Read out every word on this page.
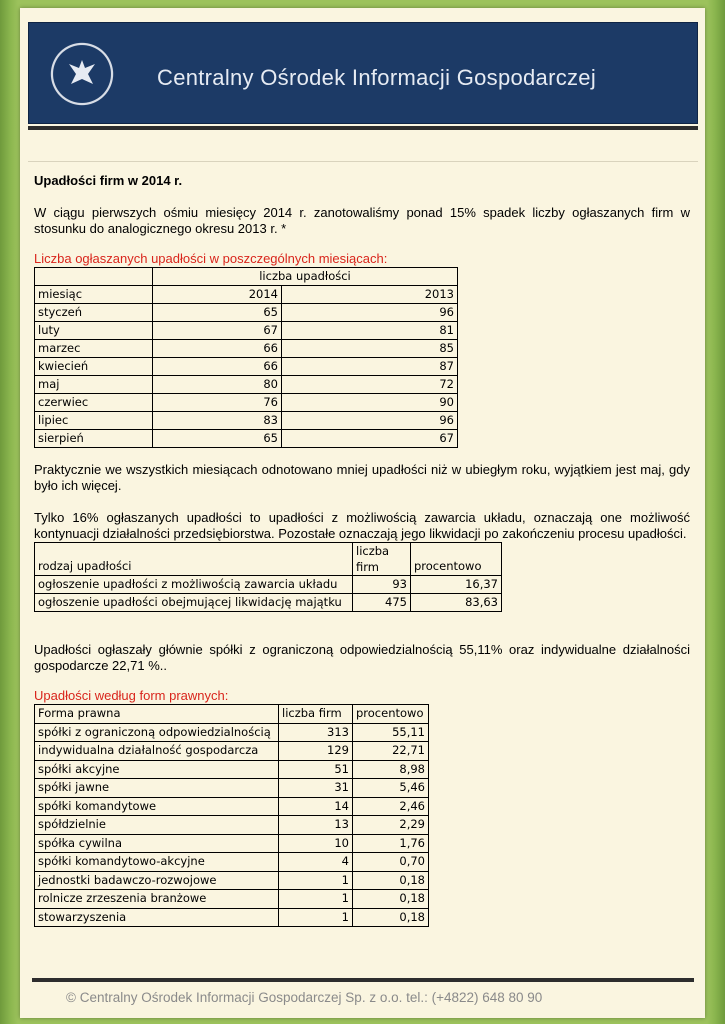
Centralny Ośrodek Informacji Gospodarczej
Upadłości firm w 2014 r.

W ciągu pierwszych ośmiu miesięcy 2014 r. zanotowaliśmy ponad 15% spadek liczby ogłaszanych firm w stosunku do analogicznego okresu 2013 r. *

Liczba ogłaszanych upadłości w poszczególnych miesiącach:
	liczba upadłości	
miesiąc	2014	2013
styczeń	65	96
luty	67	81
marzec	66	85
kwiecień	66	87
maj	80	72
czerwiec	76	90
lipiec	83	96
sierpień	65	67

Praktycznie we wszystkich miesiącach odnotowano mniej upadłości niż w ubiegłym roku, wyjątkiem jest maj, gdy było ich więcej.

Tylko 16% ogłaszanych upadłości to upadłości z możliwością zawarcia układu, oznaczają one możliwość kontynuacji działalności przedsiębiorstwa. Pozostałe oznaczają jego likwidacji po zakończeniu procesu upadłości.

rodzaj upadłości	liczba
firm	procentowo
ogłoszenie upadłości z możliwością zawarcia układu	93	16,37
ogłoszenie upadłości obejmującej likwidację majątku	475	83,63

Upadłości ogłaszały głównie spółki z ograniczoną odpowiedzialnością 55,11% oraz indywidualne działalności gospodarcze 22,71 %..

Upadłości według form prawnych:
Forma prawna	liczba firm	procentowo
spółki z ograniczoną odpowiedzialnością	313	55,11
indywidualna działalność gospodarcza	129	22,71
spółki akcyjne	51	8,98
spółki jawne	31	5,46
spółki komandytowe	14	2,46
spółdzielnie	13	2,29
spółka cywilna	10	1,76
spółki komandytowo-akcyjne	4	0,70
jednostki badawczo-rozwojowe	1	0,18
rolnicze zrzeszenia branżowe	1	0,18
stowarzyszenia	1	0,18
© Centralny Ośrodek Informacji Gospodarczej Sp. z o.o. tel.: (+4822) 648 80 90
